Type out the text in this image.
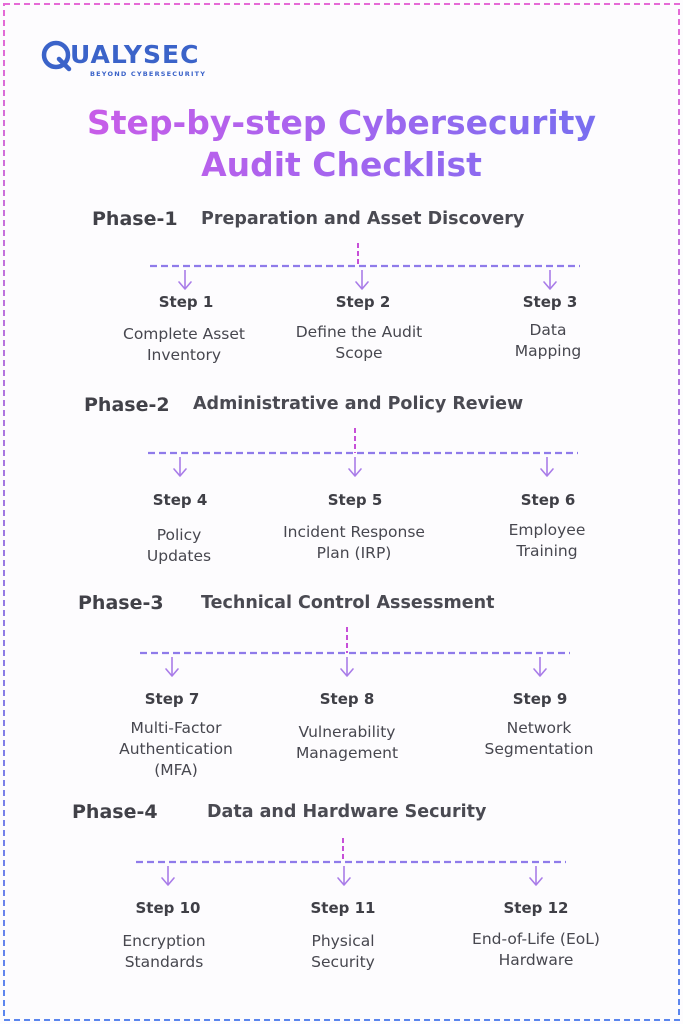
UALYSEC
BEYOND CYBERSECURITY
Step-by-step Cybersecurity
Audit Checklist
Phase-1 Preparation and Asset Discovery
Step 1	Step 2	Step 3
Complete Asset
Inventory
Define the Audit
Scope
Data
Mapping
Phase-2 Administrative and Policy Review
Step 4	Step 5	Step 6
Policy
Updates
Incident Response
Plan (IRP)
Employee
Training
Phase-3 Technical Control Assessment
Step 7	Step 8	Step 9
Multi-Factor
Authentication
(MFA)
Vulnerability
Management
Network
Segmentation
Phase-4	Data and Hardware Security
Step 10	Step 11	Step 12
Encryption
Standards
Physical
Security
End-of-Life (EoL)
Hardware
